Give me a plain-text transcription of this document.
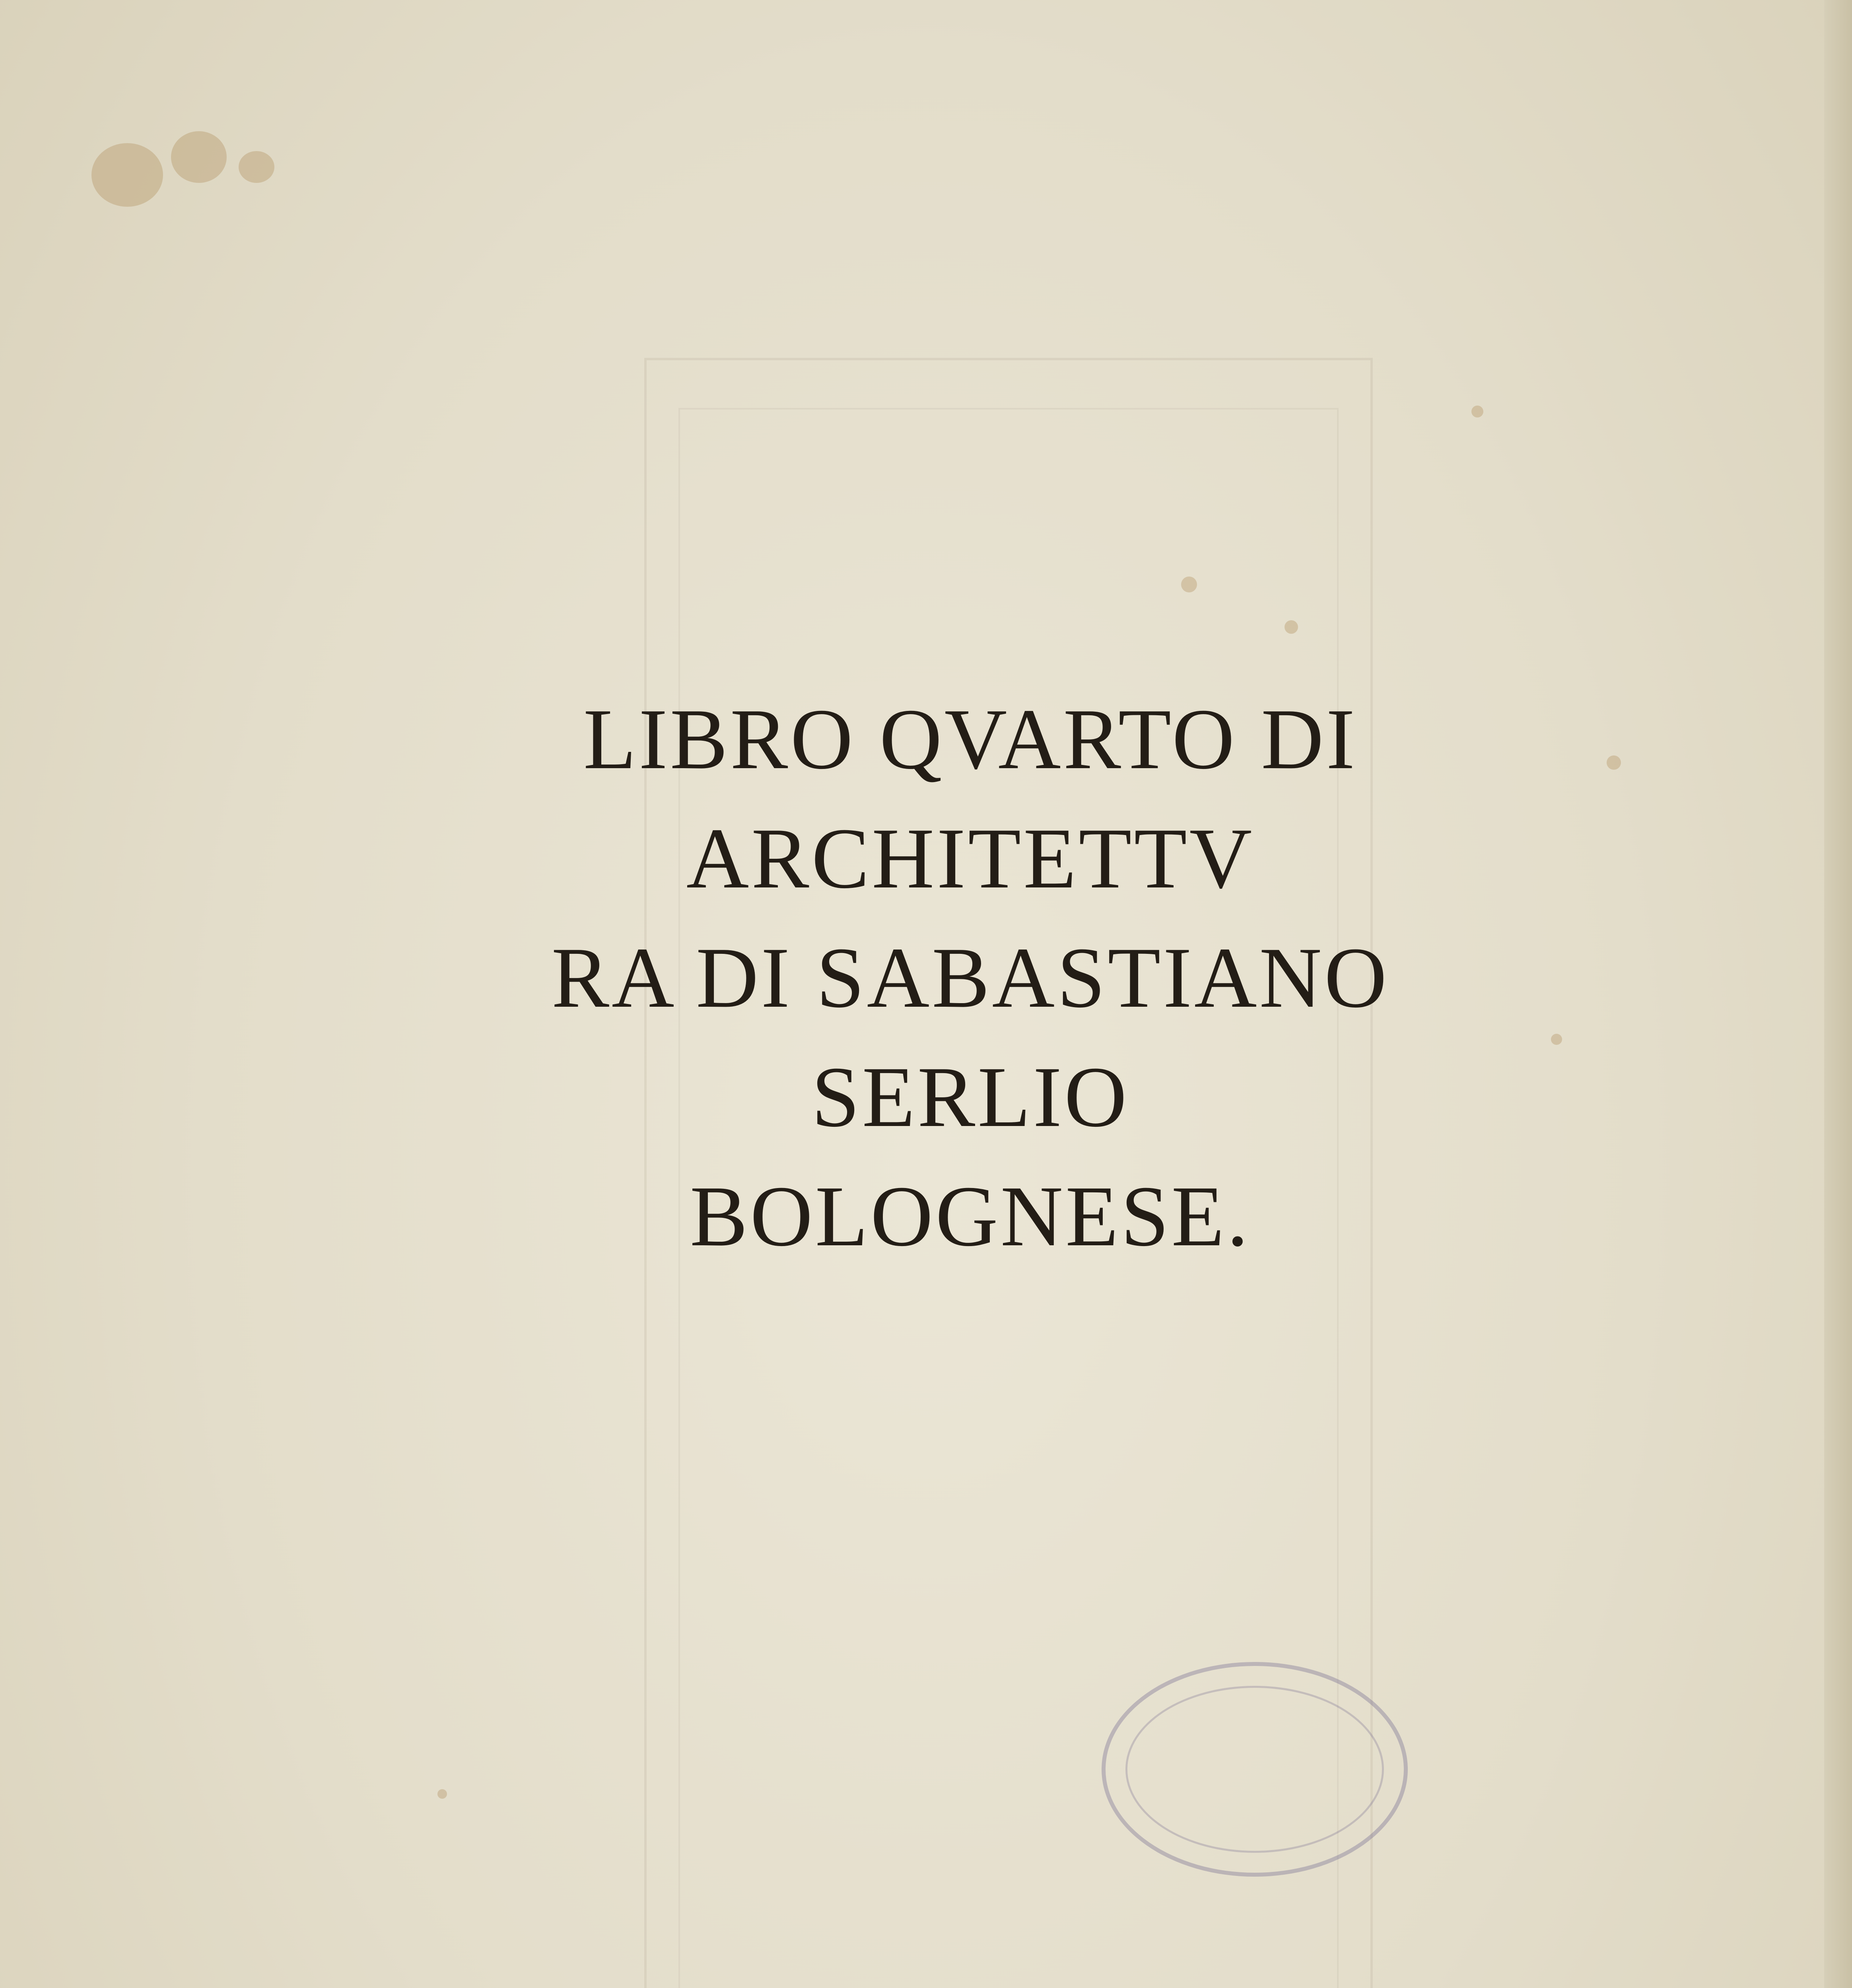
LIBRO QVARTO DI
ARCHITETTV
RA DI SABASTIANO
SERLIO
BOLOGNESE.
